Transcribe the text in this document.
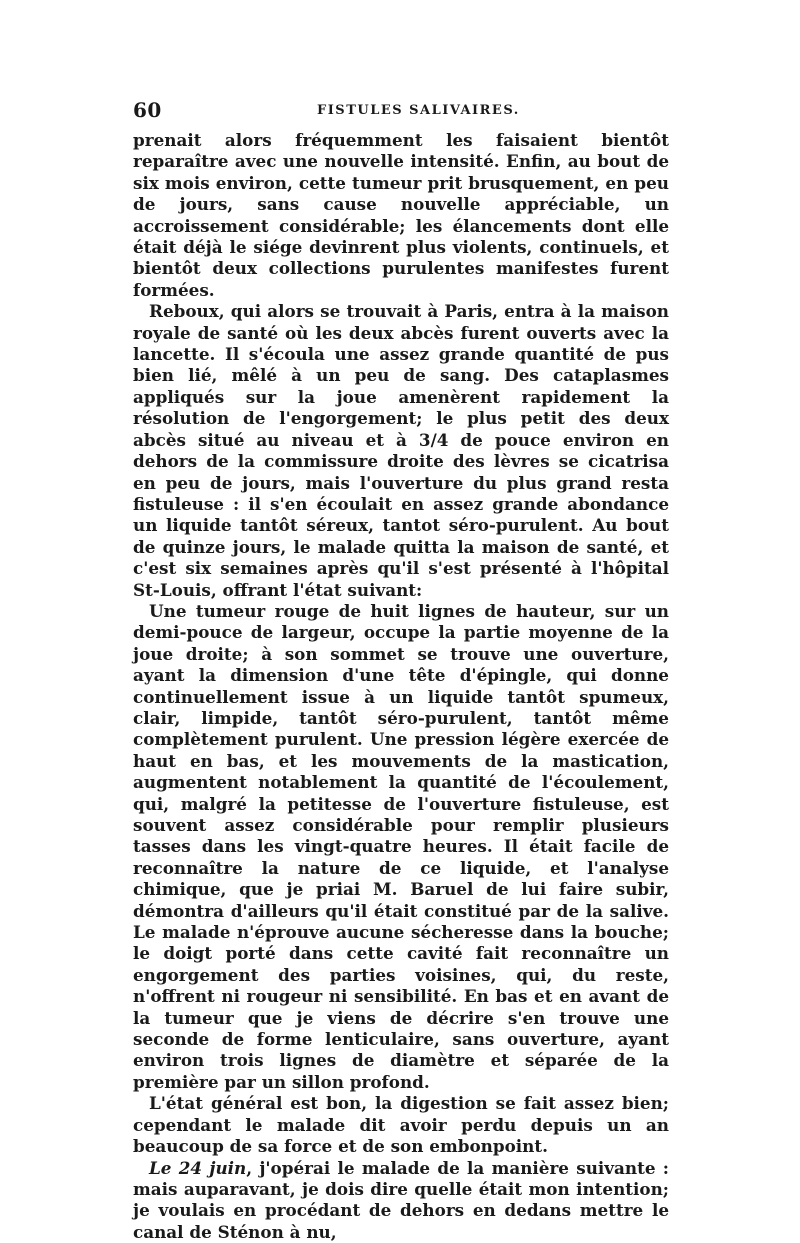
60	FISTULES SALIVAIRES.

prenait alors fréquemment les faisaient bientôt reparaître avec une nouvelle intensité. Enfin, au bout de six mois environ, cette tumeur prit brusquement, en peu de jours, sans cause nouvelle appréciable, un accroissement considérable; les élancements dont elle était déjà le siége devinrent plus violents, continuels, et bientôt deux collections purulentes manifestes furent formées.

Reboux, qui alors se trouvait à Paris, entra à la maison royale de santé où les deux abcès furent ouverts avec la lancette. Il s'écoula une assez grande quantité de pus bien lié, mêlé à un peu de sang. Des cataplasmes appliqués sur la joue amenèrent rapidement la résolution de l'engorgement; le plus petit des deux abcès situé au niveau et à 3/4 de pouce environ en dehors de la commissure droite des lèvres se cicatrisa en peu de jours, mais l'ouverture du plus grand resta fistuleuse : il s'en écoulait en assez grande abondance un liquide tantôt séreux, tantot séro-purulent. Au bout de quinze jours, le malade quitta la maison de santé, et c'est six semaines après qu'il s'est présenté à l'hôpital St-Louis, offrant l'état suivant:

Une tumeur rouge de huit lignes de hauteur, sur un demi-pouce de largeur, occupe la partie moyenne de la joue droite; à son sommet se trouve une ouverture, ayant la dimension d'une tête d'épingle, qui donne continuellement issue à un liquide tantôt spumeux, clair, limpide, tantôt séro-purulent, tantôt même complètement purulent. Une pression légère exercée de haut en bas, et les mouvements de la mastication, augmentent notablement la quantité de l'écoulement, qui, malgré la petitesse de l'ouverture fistuleuse, est souvent assez considérable pour remplir plusieurs tasses dans les vingt-quatre heures. Il était facile de reconnaître la nature de ce liquide, et l'analyse chimique, que je priai M. Baruel de lui faire subir, démontra d'ailleurs qu'il était constitué par de la salive. Le malade n'éprouve aucune sécheresse dans la bouche; le doigt porté dans cette cavité fait reconnaître un engorgement des parties voisines, qui, du reste, n'offrent ni rougeur ni sensibilité. En bas et en avant de la tumeur que je viens de décrire s'en trouve une seconde de forme lenticulaire, sans ouverture, ayant environ trois lignes de diamètre et séparée de la première par un sillon profond.

L'état général est bon, la digestion se fait assez bien; cependant le malade dit avoir perdu depuis un an beaucoup de sa force et de son embonpoint.

Le 24 juin, j'opérai le malade de la manière suivante : mais auparavant, je dois dire quelle était mon intention; je voulais en procédant de dehors en dedans mettre le canal de Sténon à nu,
